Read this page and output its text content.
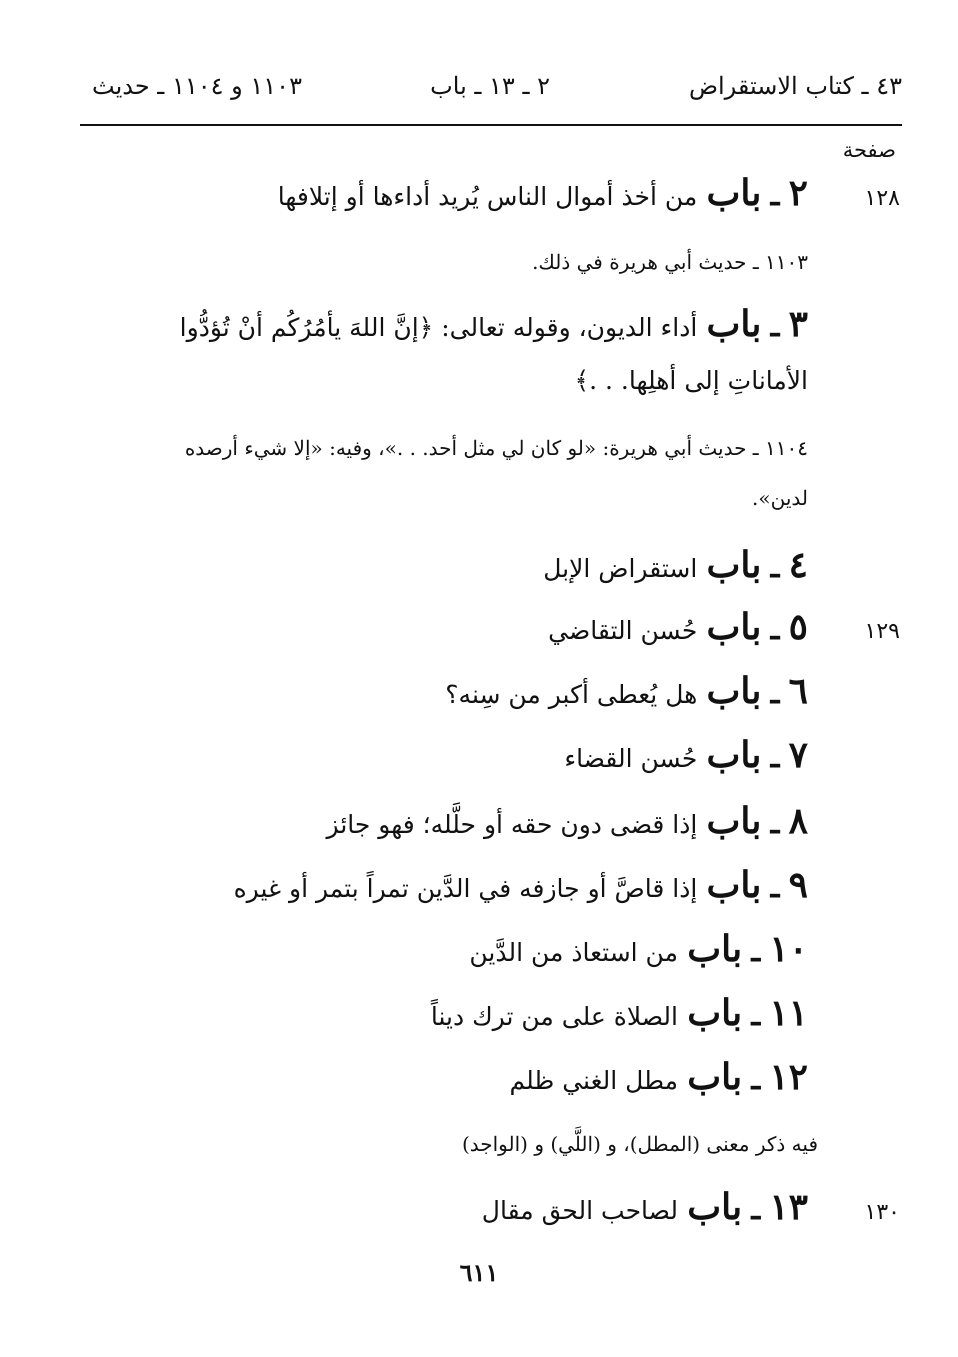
٤٣ ـ كتاب الاستقراض
٢ ـ ١٣ ـ باب
١١٠٣ و ١١٠٤ ـ حديث
صفحة
١٢٨
٢ ـ باب من أخذ أموال الناس يُريد أداءها أو إتلافها
١١٠٣ ـ حديث أبي هريرة في ذلك.
٣ ـ باب أداء الديون، وقوله تعالى: ﴿إنَّ اللهَ يأمُرُكُم أنْ تُؤدُّوا
الأماناتِ إلى أهلِها. . .﴾
١١٠٤ ـ حديث أبي هريرة: «لو كان لي مثل أحد. . .»، وفيه: «إلا شيء أرصده
لدين».
٤ ـ باب استقراض الإبل
١٢٩
٥ ـ باب حُسن التقاضي
٦ ـ باب هل يُعطى أكبر من سِنه؟
٧ ـ باب حُسن القضاء
٨ ـ باب إذا قضى دون حقه أو حلَّله؛ فهو جائز
٩ ـ باب إذا قاصَّ أو جازفه في الدَّين تمراً بتمر أو غيره
١٠ ـ باب من استعاذ من الدَّين
١١ ـ باب الصلاة على من ترك ديناً
١٢ ـ باب مطل الغني ظلم
فيه ذكر معنى (المطل)، و (اللَّي) و (الواجد)
١٣٠
١٣ ـ باب لصاحب الحق مقال
٦١١
